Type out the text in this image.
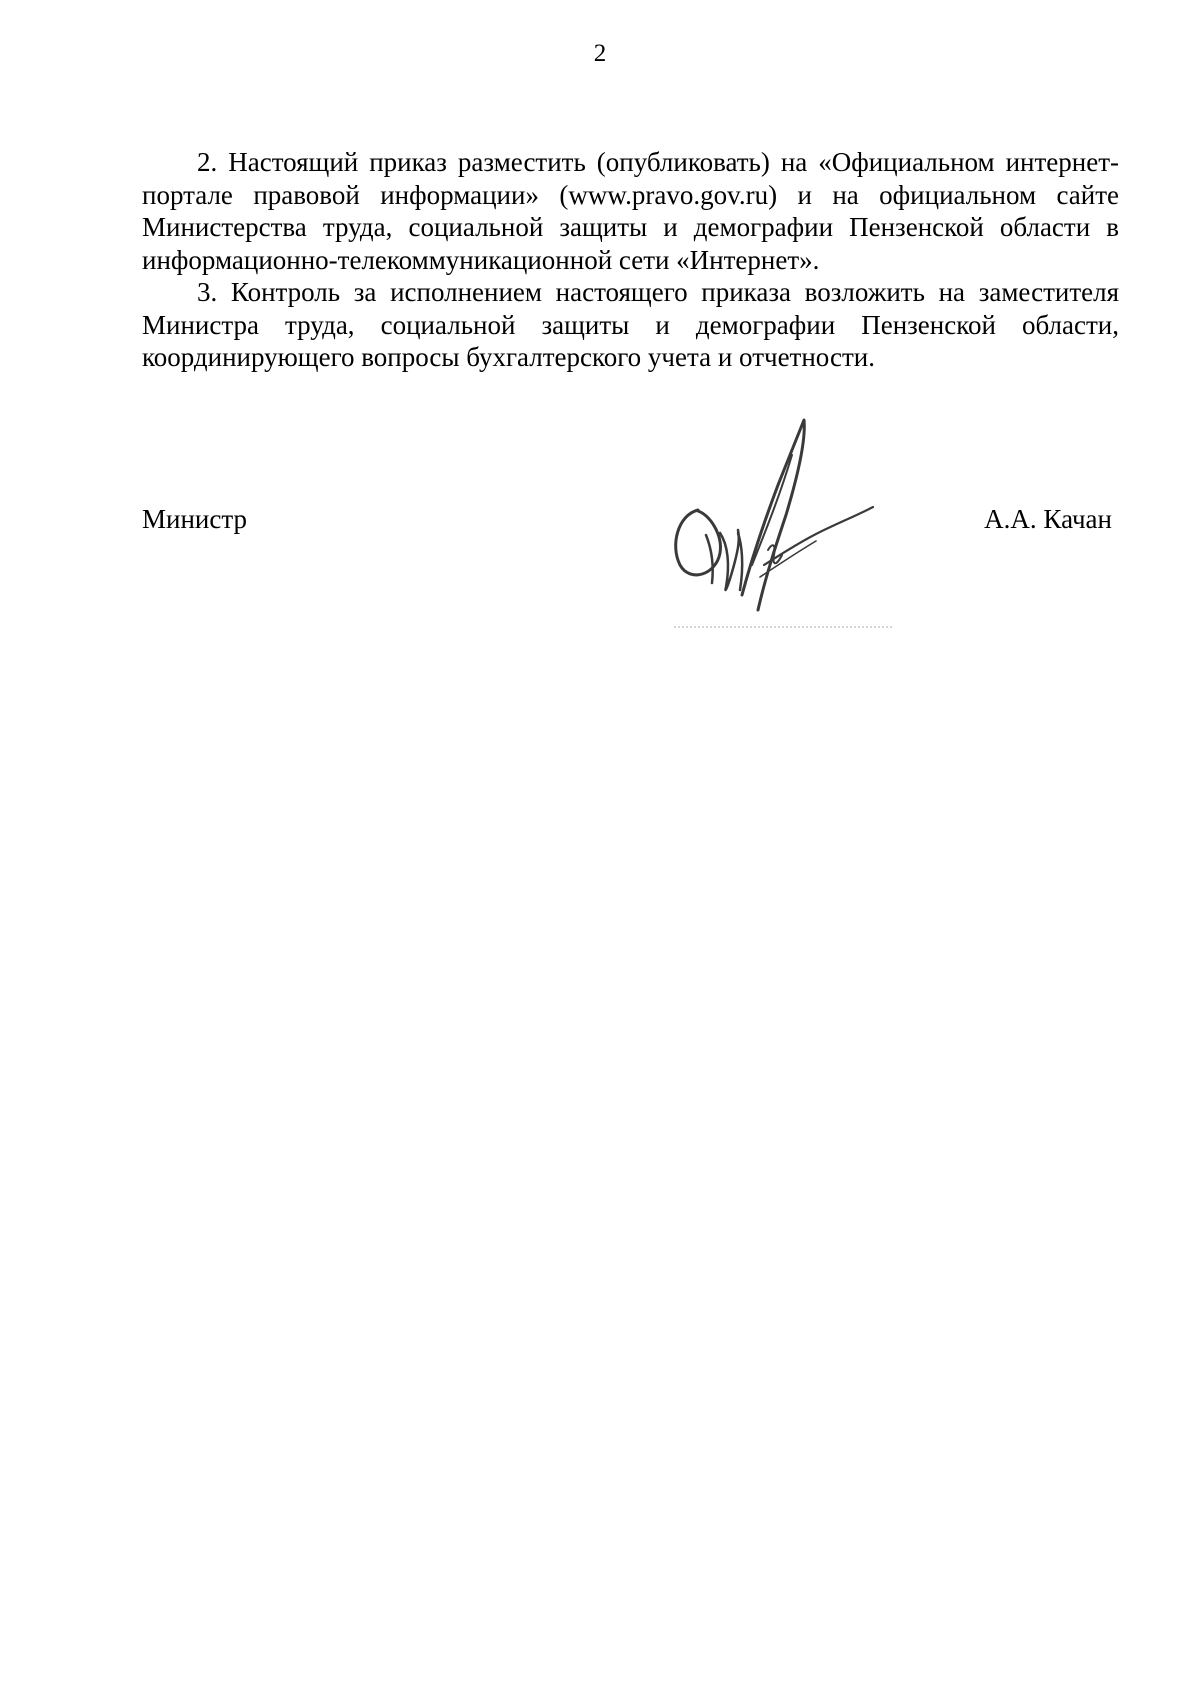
2

2. Настоящий приказ разместить (опубликовать) на «Официальном интернет-портале правовой информации» (www.pravo.gov.ru) и на официальном сайте Министерства труда, социальной защиты и демографии Пензенской области в информационно-телекоммуникационной сети «Интернет».

3. Контроль за исполнением настоящего приказа возложить на заместителя Министра труда, социальной защиты и демографии Пензенской области, координирующего вопросы бухгалтерского учета и отчетности.

Министр	А.А. Качан
